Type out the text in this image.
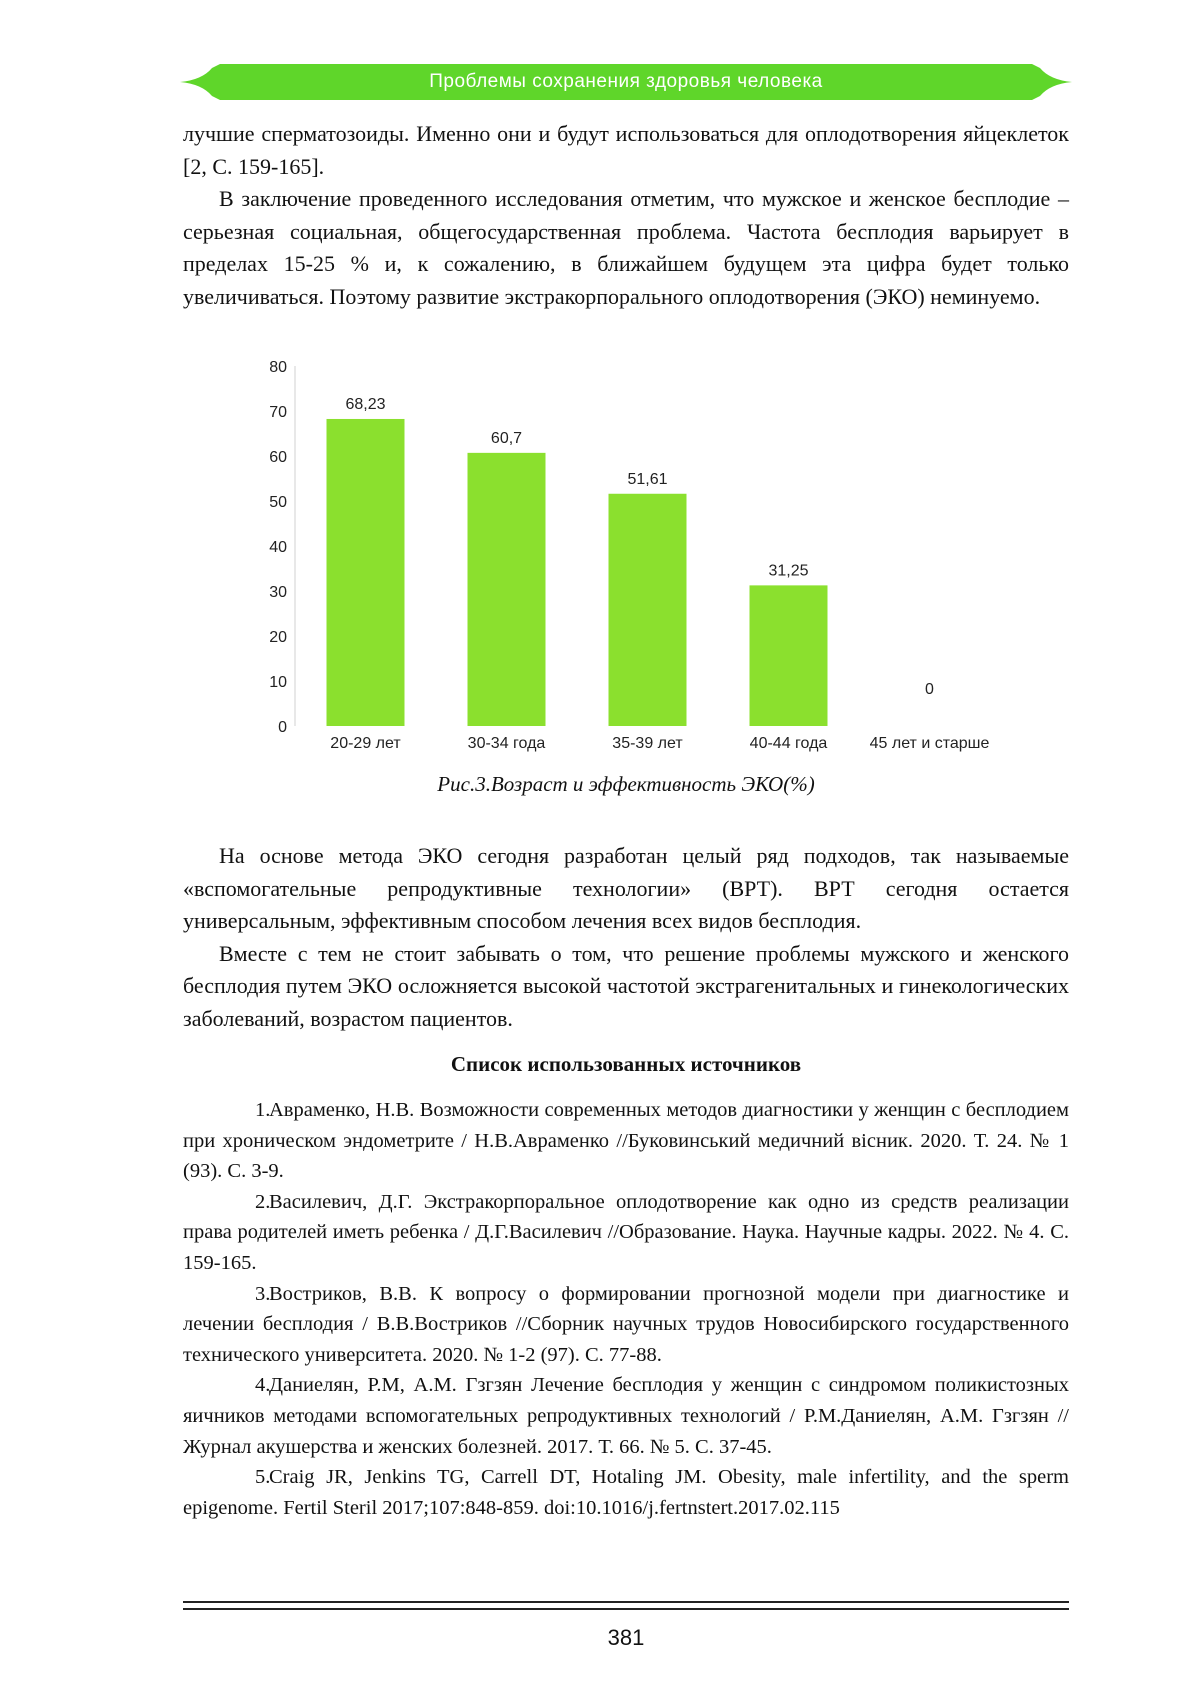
Проблемы сохранения здоровья человека

лучшие сперматозоиды. Именно они и будут использоваться для оплодотворения яйцеклеток [2, С. 159-165].

В заключение проведенного исследования отметим, что мужское и женское бесплодие – серьезная социальная, общегосударственная проблема. Частота бесплодия варьирует в пределах 15-25 % и, к сожалению, в ближайшем будущем эта цифра будет только увеличиваться. Поэтому развитие экстракорпорального оплодотворения (ЭКО) неминуемо.

0
10
20
30
40
50
60
70
80
68,23
60,7
51,61
31,25
0
20-29 лет	30-34 года	35-39 лет	40-44 года	45 лет и старше
Рис.3.Возраст и эффективность ЭКО(%)

На основе метода ЭКО сегодня разработан целый ряд подходов, так называемые «вспомогательные репродуктивные технологии» (ВРТ). ВРТ сегодня остается универсальным, эффективным способом лечения всех видов бесплодия.

Вместе с тем не стоит забывать о том, что решение проблемы мужского и женского бесплодия путем ЭКО осложняется высокой частотой экстрагенитальных и гинекологических заболеваний, возрастом пациентов.

Список использованных источников

1.Авраменко, Н.В. Возможности современных методов диагностики у женщин с бесплодием при хроническом эндометрите / Н.В.Авраменко //Буковинський медичний вісник. 2020. Т. 24. № 1 (93). С. 3-9.

2.Василевич, Д.Г. Экстракорпоральное оплодотворение как одно из средств реализации права родителей иметь ребенка / Д.Г.Василевич //Образование. Наука. Научные кадры. 2022. № 4. С. 159-165.

3.Востриков, В.В. К вопросу о формировании прогнозной модели при диагностике и лечении бесплодия / В.В.Востриков //Сборник научных трудов Новосибирского государственного технического университета. 2020. № 1-2 (97). С. 77-88.

4.Даниелян, Р.М, А.М. Гзгзян Лечение бесплодия у женщин с синдромом поликистозных яичников методами вспомогательных репродуктивных технологий / Р.М.Даниелян, А.М. Гзгзян //Журнал акушерства и женских болезней. 2017. Т. 66. № 5. С. 37-45.

5.Craig JR, Jenkins TG, Carrell DT, Hotaling JM. Obesity, male infertility, and the sperm epigenome. Fertil Steril 2017;107:848-859. doi:10.1016/j.fertnstert.2017.02.115

381
